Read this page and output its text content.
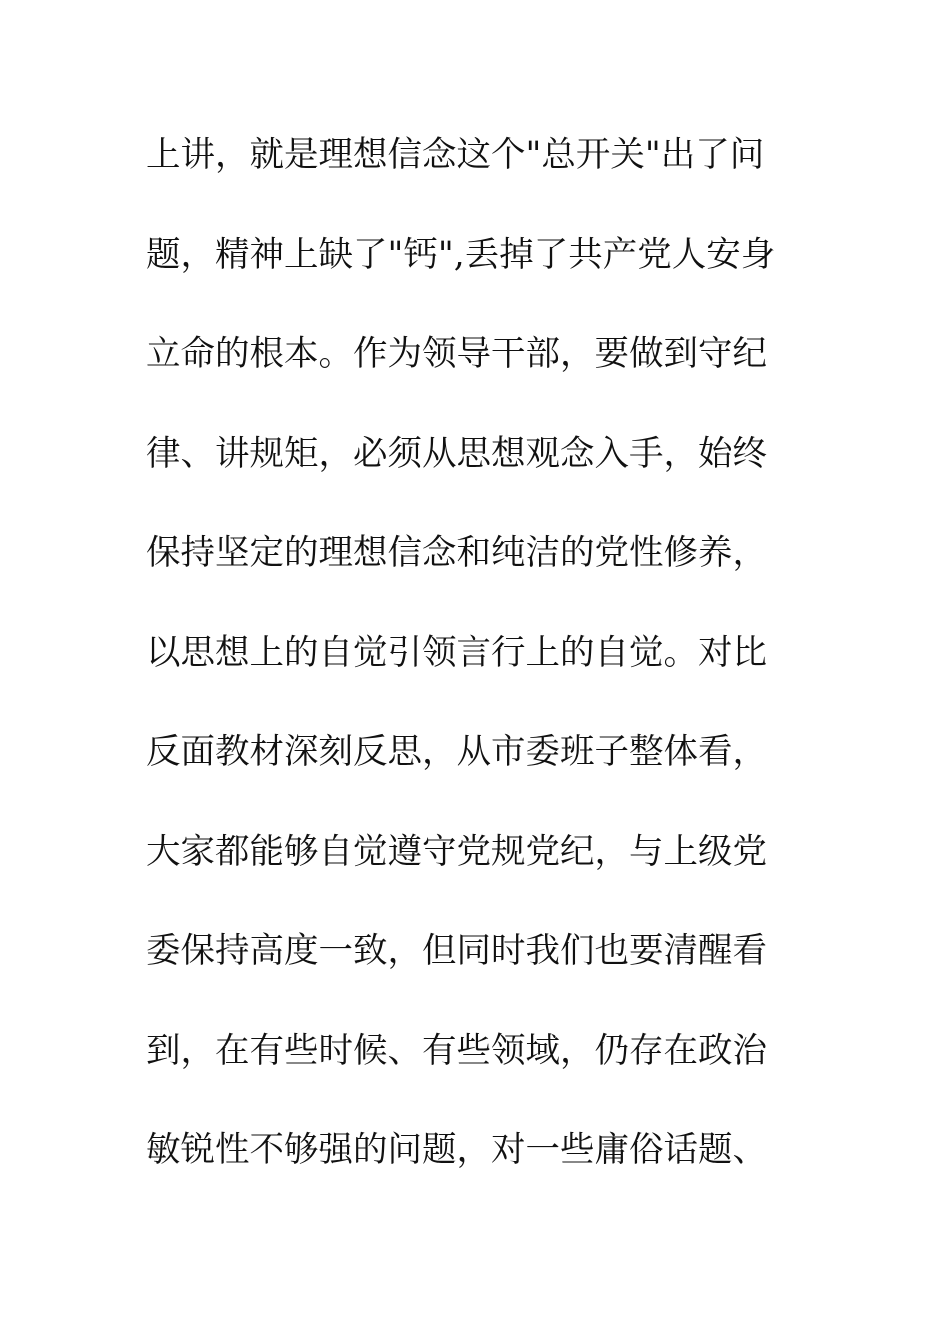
上讲，就是理想信念这个"总开关"出了问
题，精神上缺了"钙",丢掉了共产党人安身
立命的根本。作为领导干部，要做到守纪
律、讲规矩，必须从思想观念入手，始终
保持坚定的理想信念和纯洁的党性修养，
以思想上的自觉引领言行上的自觉。对比
反面教材深刻反思，从市委班子整体看，
大家都能够自觉遵守党规党纪，与上级党
委保持高度一致，但同时我们也要清醒看
到，在有些时候、有些领域，仍存在政治
敏锐性不够强的问题，对一些庸俗话题、
